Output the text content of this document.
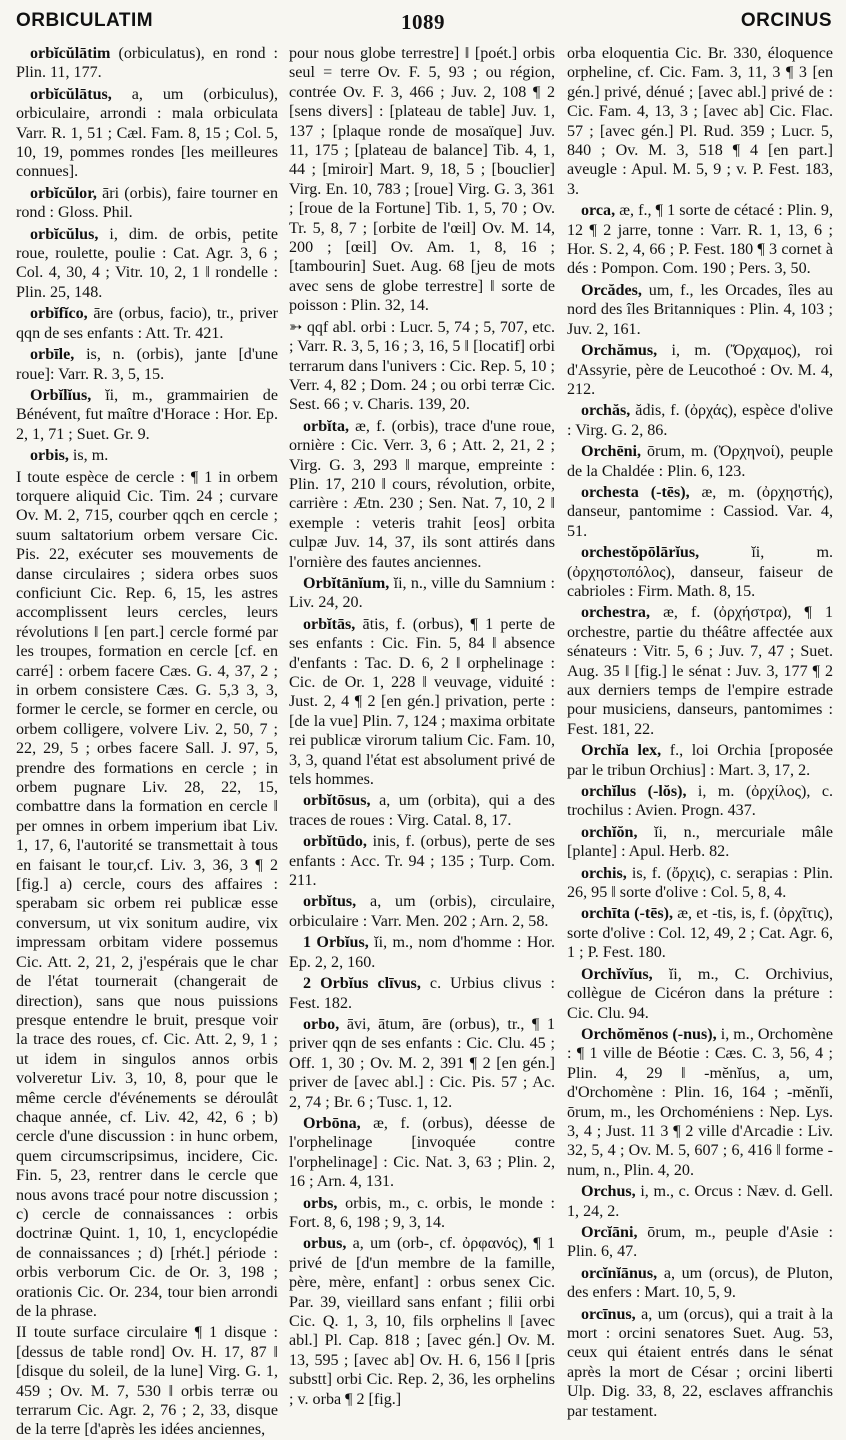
ORBICULATIM	1089	ORCINUS

orbĭcŭlātim (orbiculatus), en rond : Plin. 11, 177.

orbĭcŭlātus, a, um (orbiculus), orbiculaire, arrondi : mala orbiculata Varr. R. 1, 51 ; Cæl. Fam. 8, 15 ; Col. 5, 10, 19, pommes rondes [les meilleures connues].

orbĭcŭlor, āri (orbis), faire tourner en rond : Gloss. Phil.

orbĭcŭlus, i, dim. de orbis, petite roue, roulette, poulie : Cat. Agr. 3, 6 ; Col. 4, 30, 4 ; Vitr. 10, 2, 1 ‖ rondelle : Plin. 25, 148.

orbĭfĭco, āre (orbus, facio), tr., priver qqn de ses enfants : Att. Tr. 421.

orbīle, is, n. (orbis), jante [d'une roue]: Varr. R. 3, 5, 15.

Orbĭlĭus, ĭi, m., grammairien de Bénévent, fut maître d'Horace : Hor. Ep. 2, 1, 71 ; Suet. Gr. 9.

orbis, is, m.

I toute espèce de cercle : ¶ 1 in orbem torquere aliquid Cic. Tim. 24 ; curvare Ov. M. 2, 715, courber qqch en cercle ; suum saltatorium orbem versare Cic. Pis. 22, exécuter ses mouvements de danse circulaires ; sidera orbes suos conficiunt Cic. Rep. 6, 15, les astres accomplissent leurs cercles, leurs révolutions ‖ [en part.] cercle formé par les troupes, formation en cercle [cf. en carré] : orbem facere Cæs. G. 4, 37, 2 ; in orbem consistere Cæs. G. 5,3 3, 3, former le cercle, se former en cercle, ou orbem colligere, volvere Liv. 2, 50, 7 ; 22, 29, 5 ; orbes facere Sall. J. 97, 5, prendre des formations en cercle ; in orbem pugnare Liv. 28, 22, 15, combattre dans la formation en cercle ‖ per omnes in orbem imperium ibat Liv. 1, 17, 6, l'autorité se transmettait à tous en faisant le tour,cf. Liv. 3, 36, 3 ¶ 2 [fig.] a) cercle, cours des affaires : sperabam sic orbem rei publicæ esse conversum, ut vix sonitum audire, vix impressam orbitam videre possemus Cic. Att. 2, 21, 2, j'espérais que le char de l'état tournerait (changerait de direction), sans que nous puissions presque entendre le bruit, presque voir la trace des roues, cf. Cic. Att. 2, 9, 1 ; ut idem in singulos annos orbis volveretur Liv. 3, 10, 8, pour que le même cercle d'événements se déroulât chaque année, cf. Liv. 42, 42, 6 ; b) cercle d'une discussion : in hunc orbem, quem circumscripsimus, incidere, Cic. Fin. 5, 23, rentrer dans le cercle que nous avons tracé pour notre discussion ; c) cercle de connaissances : orbis doctrinæ Quint. 1, 10, 1, encyclopédie de connaissances ; d) [rhét.] période : orbis verborum Cic. de Or. 3, 198 ; orationis Cic. Or. 234, tour bien arrondi de la phrase.

II toute surface circulaire ¶ 1 disque : [dessus de table rond] Ov. H. 17, 87 ‖ [disque du soleil, de la lune] Virg. G. 1, 459 ; Ov. M. 7, 530 ‖ orbis terræ ou terrarum Cic. Agr. 2, 76 ; 2, 33, disque de la terre [d'après les idées anciennes,

pour nous globe terrestre] ‖ [poét.] orbis seul = terre Ov. F. 5, 93 ; ou région, contrée Ov. F. 3, 466 ; Juv. 2, 108 ¶ 2 [sens divers] : [plateau de table] Juv. 1, 137 ; [plaque ronde de mosaïque] Juv. 11, 175 ; [plateau de balance] Tib. 4, 1, 44 ; [miroir] Mart. 9, 18, 5 ; [bouclier] Virg. En. 10, 783 ; [roue] Virg. G. 3, 361 ; [roue de la Fortune] Tib. 1, 5, 70 ; Ov. Tr. 5, 8, 7 ; [orbite de l'œil] Ov. M. 14, 200 ; [œil] Ov. Am. 1, 8, 16 ; [tambourin] Suet. Aug. 68 [jeu de mots avec sens de globe terrestre] ‖ sorte de poisson : Plin. 32, 14.

➳ qqf abl. orbi : Lucr. 5, 74 ; 5, 707, etc. ; Varr. R. 3, 5, 16 ; 3, 16, 5 ‖ [locatif] orbi terrarum dans l'univers : Cic. Rep. 5, 10 ; Verr. 4, 82 ; Dom. 24 ; ou orbi terræ Cic. Sest. 66 ; v. Charis. 139, 20.

orbĭta, æ, f. (orbis), trace d'une roue, ornière : Cic. Verr. 3, 6 ; Att. 2, 21, 2 ; Virg. G. 3, 293 ‖ marque, empreinte : Plin. 17, 210 ‖ cours, révolution, orbite, carrière : Ætn. 230 ; Sen. Nat. 7, 10, 2 ‖ exemple : veteris trahit [eos] orbita culpæ Juv. 14, 37, ils sont attirés dans l'ornière des fautes anciennes.

Orbĭtānĭum, ĭi, n., ville du Samnium : Liv. 24, 20.

orbĭtās, ātis, f. (orbus), ¶ 1 perte de ses enfants : Cic. Fin. 5, 84 ‖ absence d'enfants : Tac. D. 6, 2 ‖ orphelinage : Cic. de Or. 1, 228 ‖ veuvage, viduité : Just. 2, 4 ¶ 2 [en gén.] privation, perte : [de la vue] Plin. 7, 124 ; maxima orbitate rei publicæ virorum talium Cic. Fam. 10, 3, 3, quand l'état est absolument privé de tels hommes.

orbĭtōsus, a, um (orbita), qui a des traces de roues : Virg. Catal. 8, 17.

orbĭtūdo, inis, f. (orbus), perte de ses enfants : Acc. Tr. 94 ; 135 ; Turp. Com. 211.

orbĭtus, a, um (orbis), circulaire, orbiculaire : Varr. Men. 202 ; Arn. 2, 58.

1 Orbĭus, ĭi, m., nom d'homme : Hor. Ep. 2, 2, 160.

2 Orbĭus clīvus, c. Urbius clivus : Fest. 182.

orbo, āvi, ātum, āre (orbus), tr., ¶ 1 priver qqn de ses enfants : Cic. Clu. 45 ; Off. 1, 30 ; Ov. M. 2, 391 ¶ 2 [en gén.] priver de [avec abl.] : Cic. Pis. 57 ; Ac. 2, 74 ; Br. 6 ; Tusc. 1, 12.

Orbōna, æ, f. (orbus), déesse de l'orphelinage [invoquée contre l'orphelinage] : Cic. Nat. 3, 63 ; Plin. 2, 16 ; Arn. 4, 131.

orbs, orbis, m., c. orbis, le monde : Fort. 8, 6, 198 ; 9, 3, 14.

orbus, a, um (orb-, cf. ὀρφανός), ¶ 1 privé de [d'un membre de la famille, père, mère, enfant] : orbus senex Cic. Par. 39, vieillard sans enfant ; filii orbi Cic. Q. 1, 3, 10, fils orphelins ‖ [avec abl.] Pl. Cap. 818 ; [avec gén.] Ov. M. 13, 595 ; [avec ab] Ov. H. 6, 156 ‖ [pris substt] orbi Cic. Rep. 2, 36, les orphelins ; v. orba ¶ 2 [fig.]

orba eloquentia Cic. Br. 330, éloquence orpheline, cf. Cic. Fam. 3, 11, 3 ¶ 3 [en gén.] privé, dénué ; [avec abl.] privé de : Cic. Fam. 4, 13, 3 ; [avec ab] Cic. Flac. 57 ; [avec gén.] Pl. Rud. 359 ; Lucr. 5, 840 ; Ov. M. 3, 518 ¶ 4 [en part.] aveugle : Apul. M. 5, 9 ; v. P. Fest. 183, 3.

orca, æ, f., ¶ 1 sorte de cétacé : Plin. 9, 12 ¶ 2 jarre, tonne : Varr. R. 1, 13, 6 ; Hor. S. 2, 4, 66 ; P. Fest. 180 ¶ 3 cornet à dés : Pompon. Com. 190 ; Pers. 3, 50.

Orcădes, um, f., les Orcades, îles au nord des îles Britanniques : Plin. 4, 103 ; Juv. 2, 161.

Orchămus, i, m. (Ὄρχαμος), roi d'Assyrie, père de Leucothoé : Ov. M. 4, 212.

orchăs, ădis, f. (ὀρχάς), espèce d'olive : Virg. G. 2, 86.

Orchēni, ōrum, m. (Ὀρχηνοί), peuple de la Chaldée : Plin. 6, 123.

orchesta (-tēs), æ, m. (ὀρχηστής), danseur, pantomime : Cassiod. Var. 4, 51.

orchestŏpōlārĭus, ĭi, m. (ὀρχηστοπόλος), danseur, faiseur de cabrioles : Firm. Math. 8, 15.

orchestra, æ, f. (ὀρχήστρα), ¶ 1 orchestre, partie du théâtre affectée aux sénateurs : Vitr. 5, 6 ; Juv. 7, 47 ; Suet. Aug. 35 ‖ [fig.] le sénat : Juv. 3, 177 ¶ 2 aux derniers temps de l'empire estrade pour musiciens, danseurs, pantomimes : Fest. 181, 22.

Orchĭa lex, f., loi Orchia [proposée par le tribun Orchius] : Mart. 3, 17, 2.

orchĭlus (-lŏs), i, m. (ὀρχίλος), c. trochilus : Avien. Progn. 437.

orchĭŏn, ĭi, n., mercuriale mâle [plante] : Apul. Herb. 82.

orchis, is, f. (ὄρχις), c. serapias : Plin. 26, 95 ‖ sorte d'olive : Col. 5, 8, 4.

orchīta (-tēs), æ, et -tis, is, f. (ὀρχῖτις), sorte d'olive : Col. 12, 49, 2 ; Cat. Agr. 6, 1 ; P. Fest. 180.

Orchĭvĭus, ĭi, m., C. Orchivius, collègue de Cicéron dans la préture : Cic. Clu. 94.

Orchŏmĕnos (-nus), i, m., Orchomène : ¶ 1 ville de Béotie : Cæs. C. 3, 56, 4 ; Plin. 4, 29 ‖ -mĕnĭus, a, um, d'Orchomène : Plin. 16, 164 ; -mĕnĭi, ōrum, m., les Orchoméniens : Nep. Lys. 3, 4 ; Just. 11 3 ¶ 2 ville d'Arcadie : Liv. 32, 5, 4 ; Ov. M. 5, 607 ; 6, 416 ‖ forme -num, n., Plin. 4, 20.

Orchus, i, m., c. Orcus : Næv. d. Gell. 1, 24, 2.

Orcĭāni, ōrum, m., peuple d'Asie : Plin. 6, 47.

orcĭnĭānus, a, um (orcus), de Pluton, des enfers : Mart. 10, 5, 9.

orcīnus, a, um (orcus), qui a trait à la mort : orcini senatores Suet. Aug. 53, ceux qui étaient entrés dans le sénat après la mort de César ; orcini liberti Ulp. Dig. 33, 8, 22, esclaves affranchis par testament.
